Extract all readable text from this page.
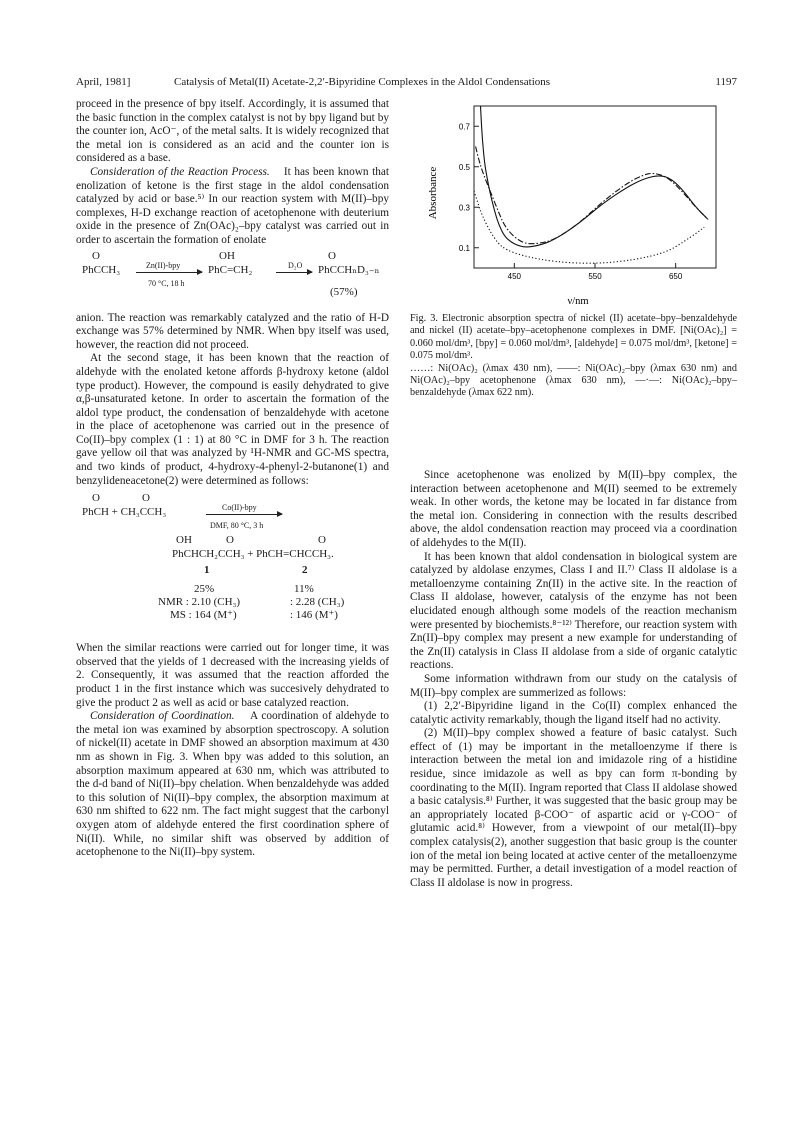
April, 1981]	Catalysis of Metal(II) Acetate-2,2′-Bipyridine Complexes in the Aldol Condensations	1197

proceed in the presence of bpy itself. Accordingly, it is assumed that the basic function in the complex catalyst is not by bpy ligand but by the counter ion, AcO⁻, of the metal salts. It is widely recognized that the metal ion is considered as an acid and the counter ion is considered as a base.

Consideration of the Reaction Process. It has been known that enolization of ketone is the first stage in the aldol condensation catalyzed by acid or base.⁵⁾ In our reaction system with M(II)–bpy complexes, H-D exchange reaction of acetophenone with deuterium oxide in the presence of Zn(OAc)₂–bpy catalyst was carried out in order to ascertain the formation of enolate

O
PhCCH₃	Zn(II)-bpy
70 °C, 18 h
OH
PhC=CH₂	D₂O
O
PhCCHₙD₃₋ₙ
(57%)

anion. The reaction was remarkably catalyzed and the ratio of H-D exchange was 57% determined by NMR. When bpy itself was used, however, the reaction did not proceed.

At the second stage, it has been known that the reaction of aldehyde with the enolated ketone affords β-hydroxy ketone (aldol type product). However, the compound is easily dehydrated to give α,β-unsaturated ketone. In order to ascertain the formation of the aldol type product, the condensation of benzaldehyde with acetone in the place of acetophenone was carried out in the presence of Co(II)–bpy complex (1 : 1) at 80 °C in DMF for 3 h. The reaction gave yellow oil that was analyzed by ¹H-NMR and GC-MS spectra, and two kinds of product, 4-hydroxy-4-phenyl-2-butanone(1) and benzylideneacetone(2) were determined as follows:

O	O
PhCH + CH₃CCH₃	Co(II)-bpy
DMF, 80 °C, 3 h
OH	O	O
PhCHCH₂CCH₃ + PhCH=CHCCH₃.
1	2
25%	11%
NMR : 2.10 (CH₃)	: 2.28 (CH₃)
MS : 164 (M⁺)	: 146 (M⁺)

When the similar reactions were carried out for longer time, it was observed that the yields of 1 decreased with the increasing yields of 2. Consequently, it was assumed that the reaction afforded the product 1 in the first instance which was succesively dehydrated to give the product 2 as well as acid or base catalyzed reaction.

Consideration of Coordination. A coordination of aldehyde to the metal ion was examined by absorption spectroscopy. A solution of nickel(II) acetate in DMF showed an absorption maximum at 430 nm as shown in Fig. 3. When bpy was added to this solution, an absorption maximum appeared at 630 nm, which was attributed to the d-d band of Ni(II)–bpy chelation. When benzaldehyde was added to this solution of Ni(II)–bpy complex, the absorption maximum at 630 nm shifted to 622 nm. The fact might suggest that the carbonyl oxygen atom of aldehyde entered the first coordination sphere of Ni(II). While, no similar shift was observed by addition of acetophenone to the Ni(II)–bpy system.

0.1
0.3
0.5
0.7
450	550	650
Absorbance
ν/nm
Fig. 3. Electronic absorption spectra of nickel (II) acetate–bpy–benzaldehyde and nickel (II) acetate–bpy–acetophenone complexes in DMF. [Ni(OAc)₂] = 0.060 mol/dm³, [bpy] = 0.060 mol/dm³, [aldehyde] = 0.075 mol/dm³, [ketone] = 0.075 mol/dm³.
……: Ni(OAc)₂ (λmax 430 nm), ——: Ni(OAc)₂–bpy (λmax 630 nm) and Ni(OAc)₂–bpy acetophenone (λmax 630 nm), —·—: Ni(OAc)₂–bpy–benzaldehyde (λmax 622 nm).

Since acetophenone was enolized by M(II)–bpy complex, the interaction between acetophenone and M(II) seemed to be extremely weak. In other words, the ketone may be located in far distance from the metal ion. Considering in connection with the results described above, the aldol condensation reaction may proceed via a coordination of aldehydes to the M(II).

It has been known that aldol condensation in biological system are catalyzed by aldolase enzymes, Class I and II.⁷⁾ Class II aldolase is a metalloenzyme containing Zn(II) in the active site. In the reaction of Class II aldolase, however, catalysis of the enzyme has not been elucidated enough although some models of the reaction mechanism were presented by biochemists.⁸⁻¹²⁾ Therefore, our reaction system with Zn(II)–bpy complex may present a new example for understanding of the Zn(II) catalysis in Class II aldolase from a side of organic catalytic reactions.

Some information withdrawn from our study on the catalysis of M(II)–bpy complex are summerized as follows:

(1) 2,2′-Bipyridine ligand in the Co(II) complex enhanced the catalytic activity remarkably, though the ligand itself had no activity.

(2) M(II)–bpy complex showed a feature of basic catalyst. Such effect of (1) may be important in the metalloenzyme if there is interaction between the metal ion and imidazole ring of a histidine residue, since imidazole as well as bpy can form π-bonding by coordinating to the M(II). Ingram reported that Class II aldolase showed a basic catalysis.⁸⁾ Further, it was suggested that the basic group may be an appropriately located β-COO⁻ of aspartic acid or γ-COO⁻ of glutamic acid.⁸⁾ However, from a viewpoint of our metal(II)–bpy complex catalysis(2), another suggestion that basic group is the counter ion of the metal ion being located at active center of the metalloenzyme may be permitted. Further, a detail investigation of a model reaction of Class II aldolase is now in progress.
